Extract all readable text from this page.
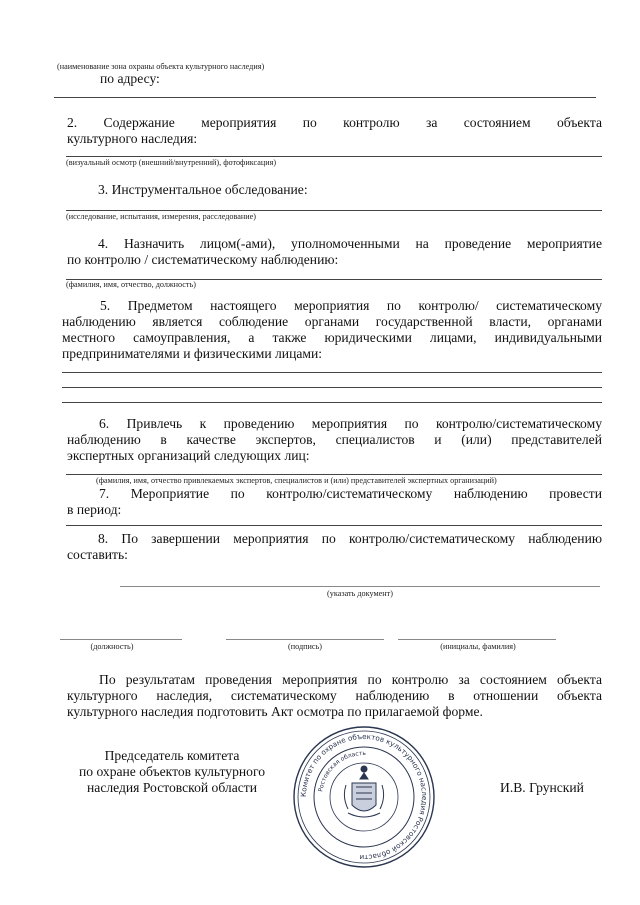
(наименование зона охраны объекта культурного наследия)
по адресу:
2. Содержание мероприятия по контролю за состоянием объекта
культурного наследия:
(визуальный осмотр (внешний/внутренний), фотофиксация)
3. Инструментальное обследование:
(исследование, испытания, измерения, расследование)
4. Назначить лицом(-ами), уполномоченными на проведение мероприятие
по контролю / систематическому наблюдению:
(фамилия, имя, отчество, должность)
5. Предметом настоящего мероприятия по контролю/ систематическому
наблюдению является соблюдение органами государственной власти, органами
местного самоуправления, а также юридическими лицами, индивидуальными
предпринимателями и физическими лицами:
6. Привлечь к проведению мероприятия по контролю/систематическому
наблюдению в качестве экспертов, специалистов и (или) представителей
экспертных организаций следующих лиц:
(фамилия, имя, отчество привлекаемых экспертов, специалистов и (или) представителей экспертных организаций)
7. Мероприятие по контролю/систематическому наблюдению провести
в период:
8. По завершении мероприятия по контролю/систематическому наблюдению
составить:
(указать документ)
(должность)	(подпись)	(инициалы, фамилия)
По результатам проведения мероприятия по контролю за состоянием объекта
культурного наследия, систематическому наблюдению в отношении объекта
культурного наследия подготовить Акт осмотра по прилагаемой форме.
Председатель комитета
по охране объектов культурного
наследия Ростовской области	И.В. Грунский
Комитет по охране объектов культурного наследия Ростовской области
Ростовская область
